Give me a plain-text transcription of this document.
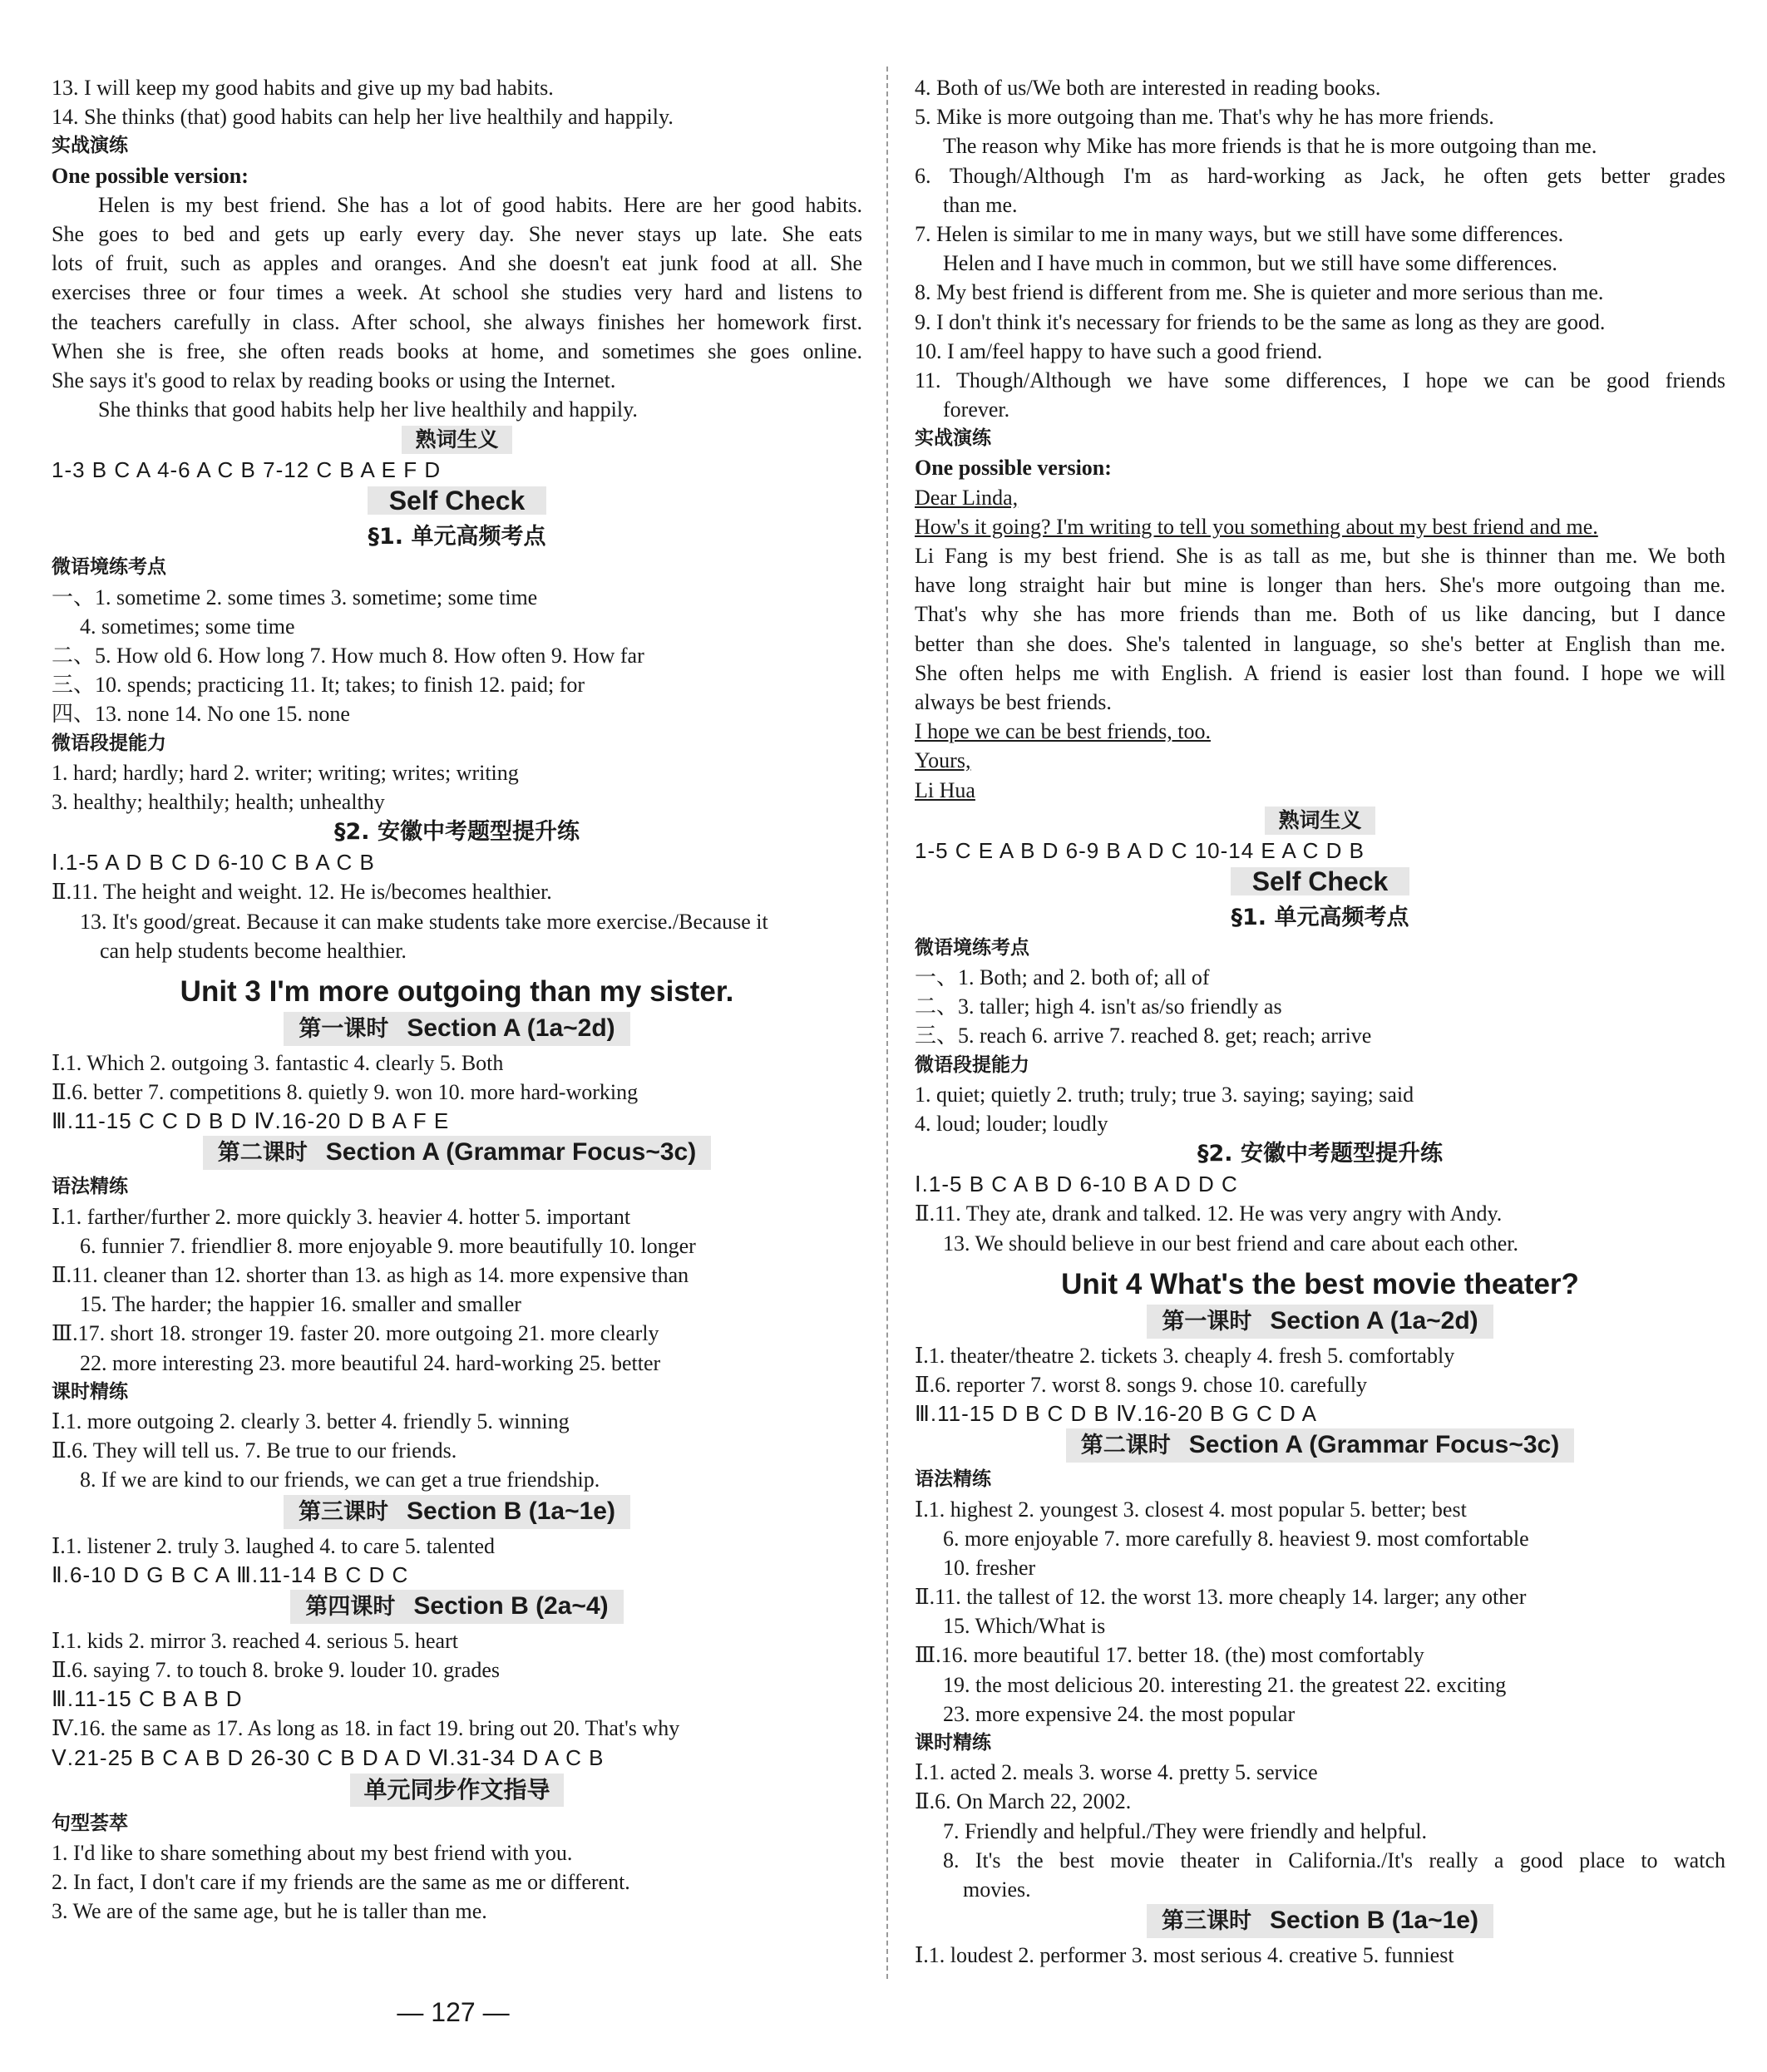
13. I will keep my good habits and give up my bad habits.
14. She thinks (that) good habits can help her live healthily and happily.
实战演练
One possible version:
Helen is my best friend. She has a lot of good habits. Here are her good habits.
She goes to bed and gets up early every day. She never stays up late. She eats
lots of fruit, such as apples and oranges. And she doesn't eat junk food at all. She
exercises three or four times a week. At school she studies very hard and listens to
the teachers carefully in class. After school, she always finishes her homework first.
When she is free, she often reads books at home, and sometimes she goes online.
She says it's good to relax by reading books or using the Internet.
She thinks that good habits help her live healthily and happily.
熟词生义
1-3 B C A 4-6 A C B 7-12 C B A E F D
Self Check
§1. 单元高频考点
微语境练考点
一、1. sometime 2. some times 3. sometime; some time
4. sometimes; some time
二、5. How old 6. How long 7. How much 8. How often 9. How far
三、10. spends; practicing 11. It; takes; to finish 12. paid; for
四、13. none 14. No one 15. none
微语段提能力
1. hard; hardly; hard 2. writer; writing; writes; writing
3. healthy; healthily; health; unhealthy
§2. 安徽中考题型提升练
Ⅰ.1-5 A D B C D 6-10 C B A C B
Ⅱ.11. The height and weight. 12. He is/becomes healthier.
13. It's good/great. Because it can make students take more exercise./Because it
can help students become healthier.
Unit 3 I'm more outgoing than my sister.
第一课时 Section A (1a~2d)
Ⅰ.1. Which 2. outgoing 3. fantastic 4. clearly 5. Both
Ⅱ.6. better 7. competitions 8. quietly 9. won 10. more hard-working
Ⅲ.11-15 C C D B D Ⅳ.16-20 D B A F E
第二课时 Section A (Grammar Focus~3c)
语法精练
Ⅰ.1. farther/further 2. more quickly 3. heavier 4. hotter 5. important
6. funnier 7. friendlier 8. more enjoyable 9. more beautifully 10. longer
Ⅱ.11. cleaner than 12. shorter than 13. as high as 14. more expensive than
15. The harder; the happier 16. smaller and smaller
Ⅲ.17. short 18. stronger 19. faster 20. more outgoing 21. more clearly
22. more interesting 23. more beautiful 24. hard-working 25. better
课时精练
Ⅰ.1. more outgoing 2. clearly 3. better 4. friendly 5. winning
Ⅱ.6. They will tell us. 7. Be true to our friends.
8. If we are kind to our friends, we can get a true friendship.
第三课时 Section B (1a~1e)
Ⅰ.1. listener 2. truly 3. laughed 4. to care 5. talented
Ⅱ.6-10 D G B C A Ⅲ.11-14 B C D C
第四课时 Section B (2a~4)
Ⅰ.1. kids 2. mirror 3. reached 4. serious 5. heart
Ⅱ.6. saying 7. to touch 8. broke 9. louder 10. grades
Ⅲ.11-15 C B A B D
Ⅳ.16. the same as 17. As long as 18. in fact 19. bring out 20. That's why
Ⅴ.21-25 B C A B D 26-30 C B D A D Ⅵ.31-34 D A C B
单元同步作文指导
句型荟萃
1. I'd like to share something about my best friend with you.
2. In fact, I don't care if my friends are the same as me or different.
3. We are of the same age, but he is taller than me.
4. Both of us/We both are interested in reading books.
5. Mike is more outgoing than me. That's why he has more friends.
The reason why Mike has more friends is that he is more outgoing than me.
6. Though/Although I'm as hard-working as Jack, he often gets better grades
than me.
7. Helen is similar to me in many ways, but we still have some differences.
Helen and I have much in common, but we still have some differences.
8. My best friend is different from me. She is quieter and more serious than me.
9. I don't think it's necessary for friends to be the same as long as they are good.
10. I am/feel happy to have such a good friend.
11. Though/Although we have some differences, I hope we can be good friends
forever.
实战演练
One possible version:
Dear Linda,
How's it going? I'm writing to tell you something about my best friend and me.
Li Fang is my best friend. She is as tall as me, but she is thinner than me. We both
have long straight hair but mine is longer than hers. She's more outgoing than me.
That's why she has more friends than me. Both of us like dancing, but I dance
better than she does. She's talented in language, so she's better at English than me.
She often helps me with English. A friend is easier lost than found. I hope we will
always be best friends.
I hope we can be best friends, too.
Yours,
Li Hua
熟词生义
1-5 C E A B D 6-9 B A D C 10-14 E A C D B
Self Check
§1. 单元高频考点
微语境练考点
一、1. Both; and 2. both of; all of
二、3. taller; high 4. isn't as/so friendly as
三、5. reach 6. arrive 7. reached 8. get; reach; arrive
微语段提能力
1. quiet; quietly 2. truth; truly; true 3. saying; saying; said
4. loud; louder; loudly
§2. 安徽中考题型提升练
Ⅰ.1-5 B C A B D 6-10 B A D D C
Ⅱ.11. They ate, drank and talked. 12. He was very angry with Andy.
13. We should believe in our best friend and care about each other.
Unit 4 What's the best movie theater?
第一课时 Section A (1a~2d)
Ⅰ.1. theater/theatre 2. tickets 3. cheaply 4. fresh 5. comfortably
Ⅱ.6. reporter 7. worst 8. songs 9. chose 10. carefully
Ⅲ.11-15 D B C D B Ⅳ.16-20 B G C D A
第二课时 Section A (Grammar Focus~3c)
语法精练
Ⅰ.1. highest 2. youngest 3. closest 4. most popular 5. better; best
6. more enjoyable 7. more carefully 8. heaviest 9. most comfortable
10. fresher
Ⅱ.11. the tallest of 12. the worst 13. more cheaply 14. larger; any other
15. Which/What is
Ⅲ.16. more beautiful 17. better 18. (the) most comfortably
19. the most delicious 20. interesting 21. the greatest 22. exciting
23. more expensive 24. the most popular
课时精练
Ⅰ.1. acted 2. meals 3. worse 4. pretty 5. service
Ⅱ.6. On March 22, 2002.
7. Friendly and helpful./They were friendly and helpful.
8. It's the best movie theater in California./It's really a good place to watch
movies.
第三课时 Section B (1a~1e)
Ⅰ.1. loudest 2. performer 3. most serious 4. creative 5. funniest
— 127 —
